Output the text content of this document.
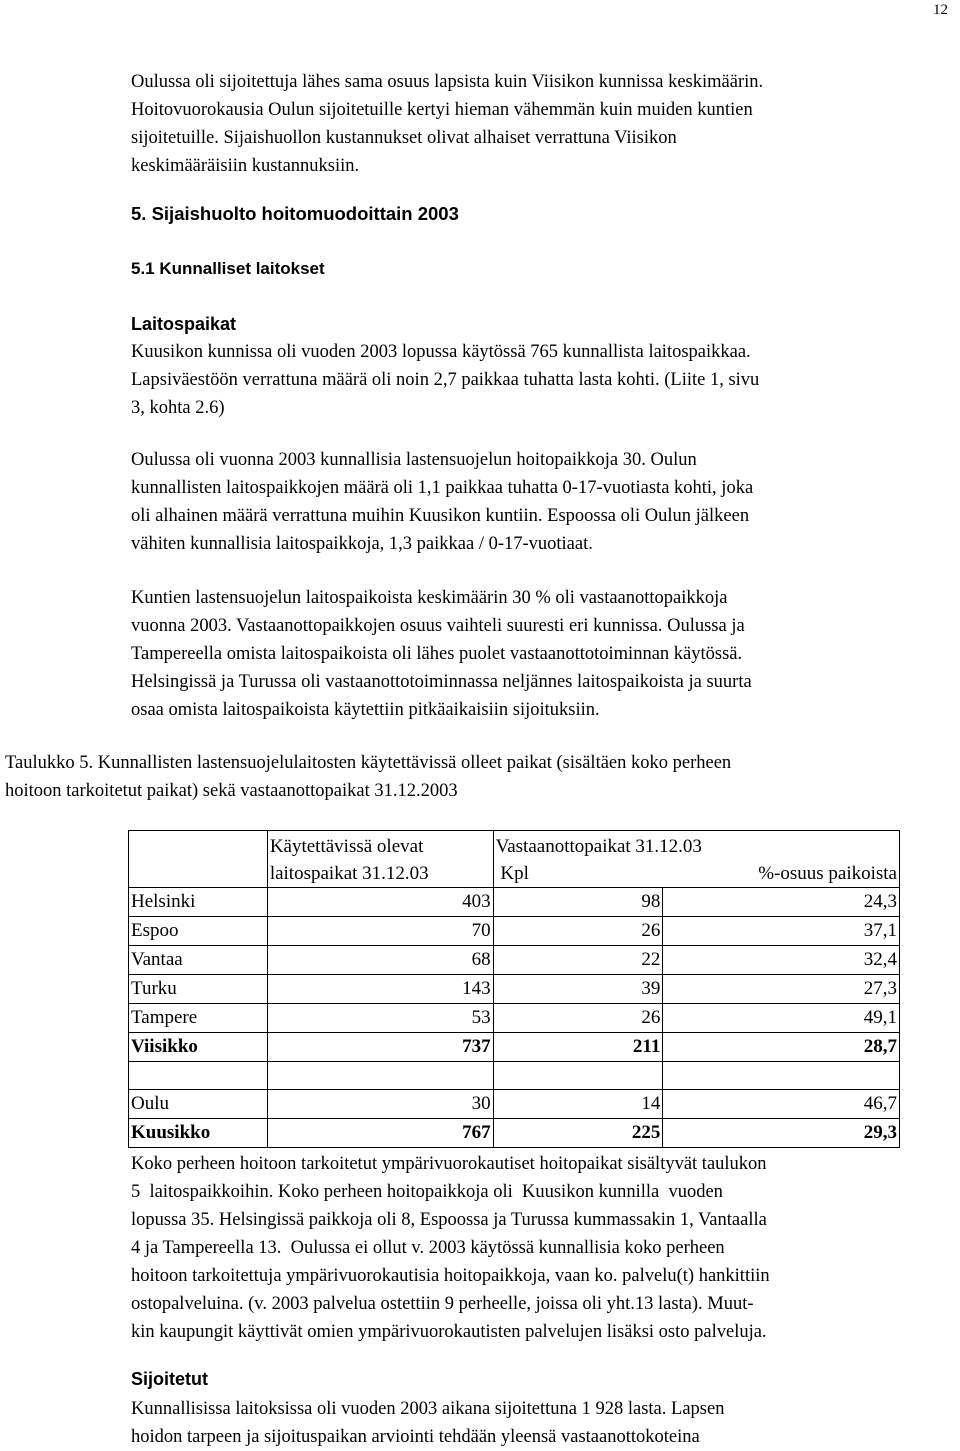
12

Oulussa oli sijoitettuja lähes sama osuus lapsista kuin Viisikon kunnissa keskimäärin.
Hoitovuorokausia Oulun sijoitetuille kertyi hieman vähemmän kuin muiden kuntien
sijoitetuille. Sijaishuollon kustannukset olivat alhaiset verrattuna Viisikon
keskimääräisiin kustannuksiin.

5. Sijaishuolto hoitomuodoittain 2003
5.1 Kunnalliset laitokset
Laitospaikat

Kuusikon kunnissa oli vuoden 2003 lopussa käytössä 765 kunnallista laitospaikkaa.
Lapsiväestöön verrattuna määrä oli noin 2,7 paikkaa tuhatta lasta kohti. (Liite 1, sivu
3, kohta 2.6)

Oulussa oli vuonna 2003 kunnallisia lastensuojelun hoitopaikkoja 30. Oulun
kunnallisten laitospaikkojen määrä oli 1,1 paikkaa tuhatta 0-17-vuotiasta kohti, joka
oli alhainen määrä verrattuna muihin Kuusikon kuntiin. Espoossa oli Oulun jälkeen
vähiten kunnallisia laitospaikkoja, 1,3 paikkaa / 0-17-vuotiaat.

Kuntien lastensuojelun laitospaikoista keskimäärin 30 % oli vastaanottopaikkoja
vuonna 2003. Vastaanottopaikkojen osuus vaihteli suuresti eri kunnissa. Oulussa ja
Tampereella omista laitospaikoista oli lähes puolet vastaanottotoiminnan käytössä.
Helsingissä ja Turussa oli vastaanottotoiminnassa neljännes laitospaikoista ja suurta
osaa omista laitospaikoista käytettiin pitkäaikaisiin sijoituksiin.

Taulukko 5. Kunnallisten lastensuojelulaitosten käytettävissä olleet paikat (sisältäen koko perheen
hoitoon tarkoitetut paikat) sekä vastaanottopaikat 31.12.2003

	Käytettävissä olevat
laitospaikat 31.12.03	Vastaanottopaikat 31.12.03
Kpl %-osuus paikoista	

Helsinki	403	98	24,3
Espoo	70	26	37,1
Vantaa	68	22	32,4
Turku	143	39	27,3
Tampere	53	26	49,1
Viisikko	737	211	28,7

Oulu	30	14	46,7
Kuusikko	767	225	29,3

Koko perheen hoitoon tarkoitetut ympärivuorokautiset hoitopaikat sisältyvät taulukon
5  laitospaikkoihin. Koko perheen hoitopaikkoja oli  Kuusikon kunnilla  vuoden
lopussa 35. Helsingissä paikkoja oli 8, Espoossa ja Turussa kummassakin 1, Vantaalla
4 ja Tampereella 13.  Oulussa ei ollut v. 2003 käytössä kunnallisia koko perheen
hoitoon tarkoitettuja ympärivuorokautisia hoitopaikkoja, vaan ko. palvelu(t) hankittiin
ostopalveluina. (v. 2003 palvelua ostettiin 9 perheelle, joissa oli yht.13 lasta). Muut-
kin kaupungit käyttivät omien ympärivuorokautisten palvelujen lisäksi osto palveluja.

Sijoitetut

Kunnallisissa laitoksissa oli vuoden 2003 aikana sijoitettuna 1 928 lasta. Lapsen
hoidon tarpeen ja sijoituspaikan arviointi tehdään yleensä vastaanottokoteina
